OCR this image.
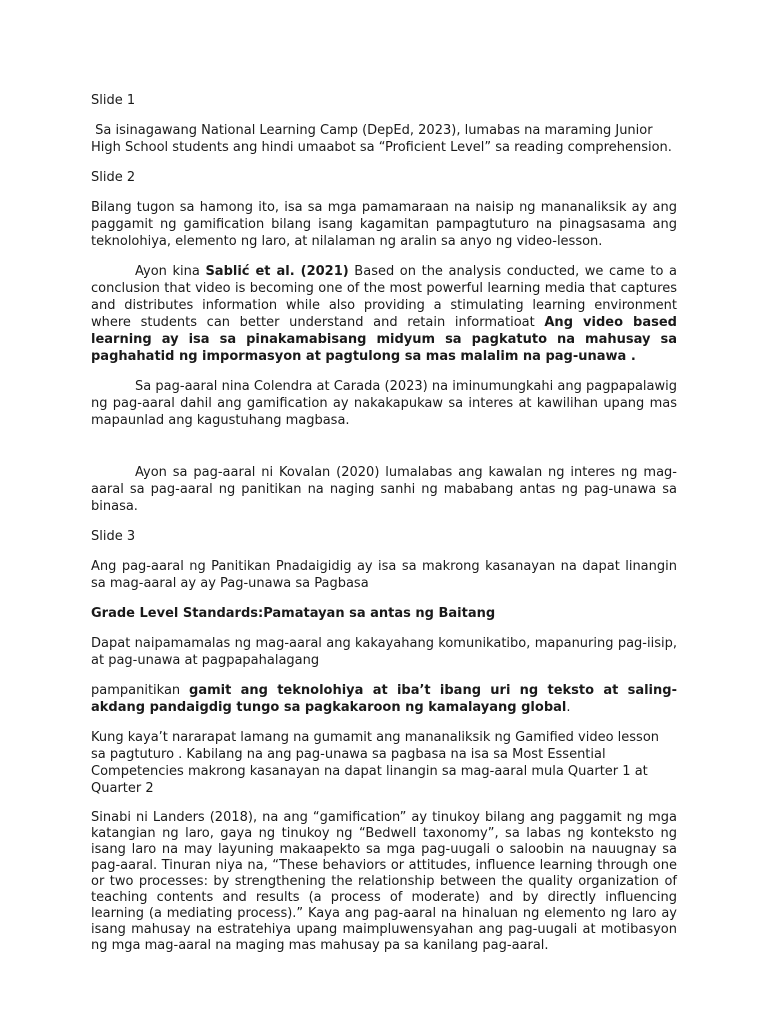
Slide 1

Sa isinagawang National Learning Camp (DepEd, 2023), lumabas na maraming Junior High School students ang hindi umaabot sa “Proficient Level” sa reading comprehension.

Slide 2

Bilang tugon sa hamong ito, isa sa mga pamamaraan na naisip ng mananaliksik ay ang paggamit ng gamification bilang isang kagamitan pampagtuturo na pinagsasama ang teknolohiya, elemento ng laro, at nilalaman ng aralin sa anyo ng video-lesson.

Ayon kina Sablić et al. (2021) Based on the analysis conducted, we came to a conclusion that video is becoming one of the most powerful learning media that captures and distributes information while also providing a stimulating learning environment where students can better understand and retain informatioat Ang video based learning ay isa sa pinakamabisang midyum sa pagkatuto na mahusay sa paghahatid ng impormasyon at pagtulong sa mas malalim na pag-unawa .

Sa pag-aaral nina Colendra at Carada (2023) na iminumungkahi ang pagpapalawig ng pag-aaral dahil ang gamification ay nakakapukaw sa interes at kawilihan upang mas mapaunlad ang kagustuhang magbasa.

Ayon sa pag-aaral ni Kovalan (2020) lumalabas ang kawalan ng interes ng mag-aaral sa pag-aaral ng panitikan na naging sanhi ng mababang antas ng pag-unawa sa binasa.

Slide 3

Ang pag-aaral ng Panitikan Pnadaigidig ay isa sa makrong kasanayan na dapat linangin sa mag-aaral ay ay Pag-unawa sa Pagbasa

Grade Level Standards:Pamatayan sa antas ng Baitang

Dapat naipamamalas ng mag-aaral ang kakayahang komunikatibo, mapanuring pag-iisip, at pag-unawa at pagpapahalagang

pampanitikan gamit ang teknolohiya at iba’t ibang uri ng teksto at saling-akdang pandaigdig tungo sa pagkakaroon ng kamalayang global.

Kung kaya’t nararapat lamang na gumamit ang mananaliksik ng Gamified video lesson sa pagtuturo . Kabilang na ang pag-unawa sa pagbasa na isa sa Most Essential Competencies makrong kasanayan na dapat linangin sa mag-aaral mula Quarter 1 at Quarter 2

Sinabi ni Landers (2018), na ang “gamification” ay tinukoy bilang ang paggamit ng mga katangian ng laro, gaya ng tinukoy ng “Bedwell taxonomy”, sa labas ng konteksto ng isang laro na may layuning makaapekto sa mga pag-uugali o saloobin na nauugnay sa pag-aaral. Tinuran niya na, “These behaviors or attitudes, influence learning through one or two processes: by strengthening the relationship between the quality organization of teaching contents and results (a process of moderate) and by directly influencing learning (a mediating process).” Kaya ang pag-aaral na hinaluan ng elemento ng laro ay isang mahusay na estratehiya upang maimpluwensyahan ang pag-uugali at motibasyon ng mga mag-aaral na maging mas mahusay pa sa kanilang pag-aaral.
